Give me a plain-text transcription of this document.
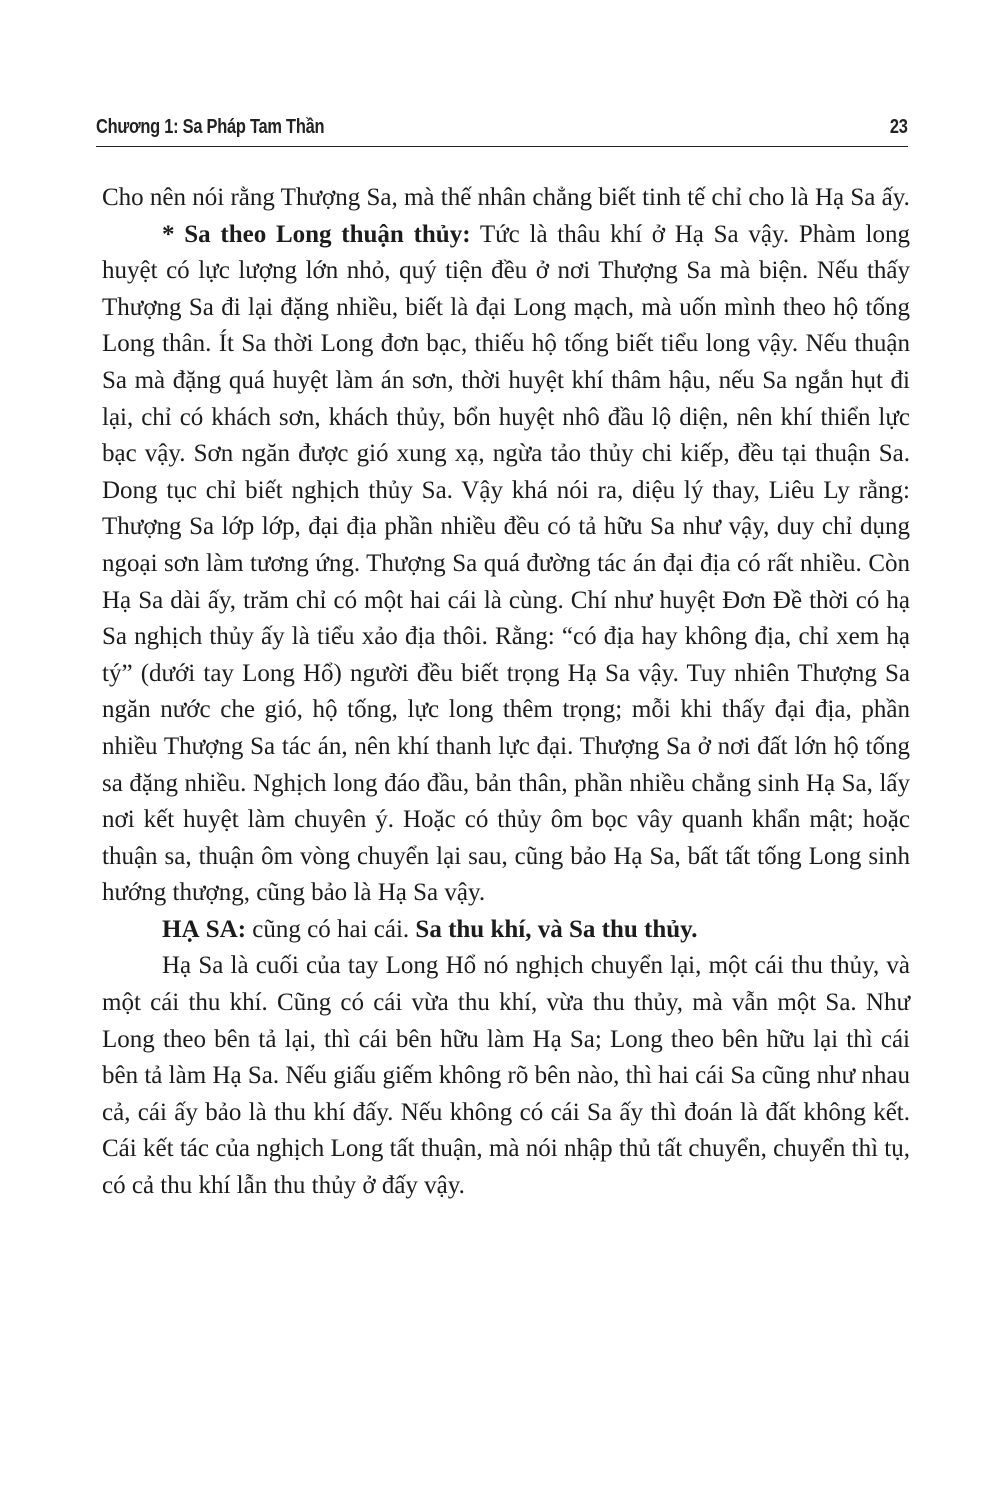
Chương 1: Sa Pháp Tam Thần	23

Cho nên nói rằng Thượng Sa, mà thế nhân chẳng biết tinh tế chỉ cho là Hạ Sa ấy.

* Sa theo Long thuận thủy: Tức là thâu khí ở Hạ Sa vậy. Phàm long huyệt có lực lượng lớn nhỏ, quý tiện đều ở nơi Thượng Sa mà biện. Nếu thấy Thượng Sa đi lại đặng nhiều, biết là đại Long mạch, mà uốn mình theo hộ tống Long thân. Ít Sa thời Long đơn bạc, thiếu hộ tống biết tiểu long vậy. Nếu thuận Sa mà đặng quá huyệt làm án sơn, thời huyệt khí thâm hậu, nếu Sa ngắn hụt đi lại, chỉ có khách sơn, khách thủy, bổn huyệt nhô đầu lộ diện, nên khí thiển lực bạc vậy. Sơn ngăn được gió xung xạ, ngừa tảo thủy chi kiếp, đều tại thuận Sa. Dong tục chỉ biết nghịch thủy Sa. Vậy khá nói ra, diệu lý thay, Liêu Ly rằng: Thượng Sa lớp lớp, đại địa phần nhiều đều có tả hữu Sa như vậy, duy chỉ dụng ngoại sơn làm tương ứng. Thượng Sa quá đường tác án đại địa có rất nhiều. Còn Hạ Sa dài ấy, trăm chỉ có một hai cái là cùng. Chí như huyệt Đơn Đề thời có hạ Sa nghịch thủy ấy là tiểu xảo địa thôi. Rằng: “có địa hay không địa, chỉ xem hạ tý” (dưới tay Long Hổ) người đều biết trọng Hạ Sa vậy. Tuy nhiên Thượng Sa ngăn nước che gió, hộ tống, lực long thêm trọng; mỗi khi thấy đại địa, phần nhiều Thượng Sa tác án, nên khí thanh lực đại. Thượng Sa ở nơi đất lớn hộ tống sa đặng nhiều. Nghịch long đáo đầu, bản thân, phần nhiều chẳng sinh Hạ Sa, lấy nơi kết huyệt làm chuyên ý. Hoặc có thủy ôm bọc vây quanh khẩn mật; hoặc thuận sa, thuận ôm vòng chuyển lại sau, cũng bảo Hạ Sa, bất tất tống Long sinh hướng thượng, cũng bảo là Hạ Sa vậy.

HẠ SA: cũng có hai cái. Sa thu khí, và Sa thu thủy.

Hạ Sa là cuối của tay Long Hổ nó nghịch chuyển lại, một cái thu thủy, và một cái thu khí. Cũng có cái vừa thu khí, vừa thu thủy, mà vẫn một Sa. Như Long theo bên tả lại, thì cái bên hữu làm Hạ Sa; Long theo bên hữu lại thì cái bên tả làm Hạ Sa. Nếu giấu giếm không rõ bên nào, thì hai cái Sa cũng như nhau cả, cái ấy bảo là thu khí đấy. Nếu không có cái Sa ấy thì đoán là đất không kết. Cái kết tác của nghịch Long tất thuận, mà nói nhập thủ tất chuyển, chuyển thì tụ, có cả thu khí lẫn thu thủy ở đấy vậy.
